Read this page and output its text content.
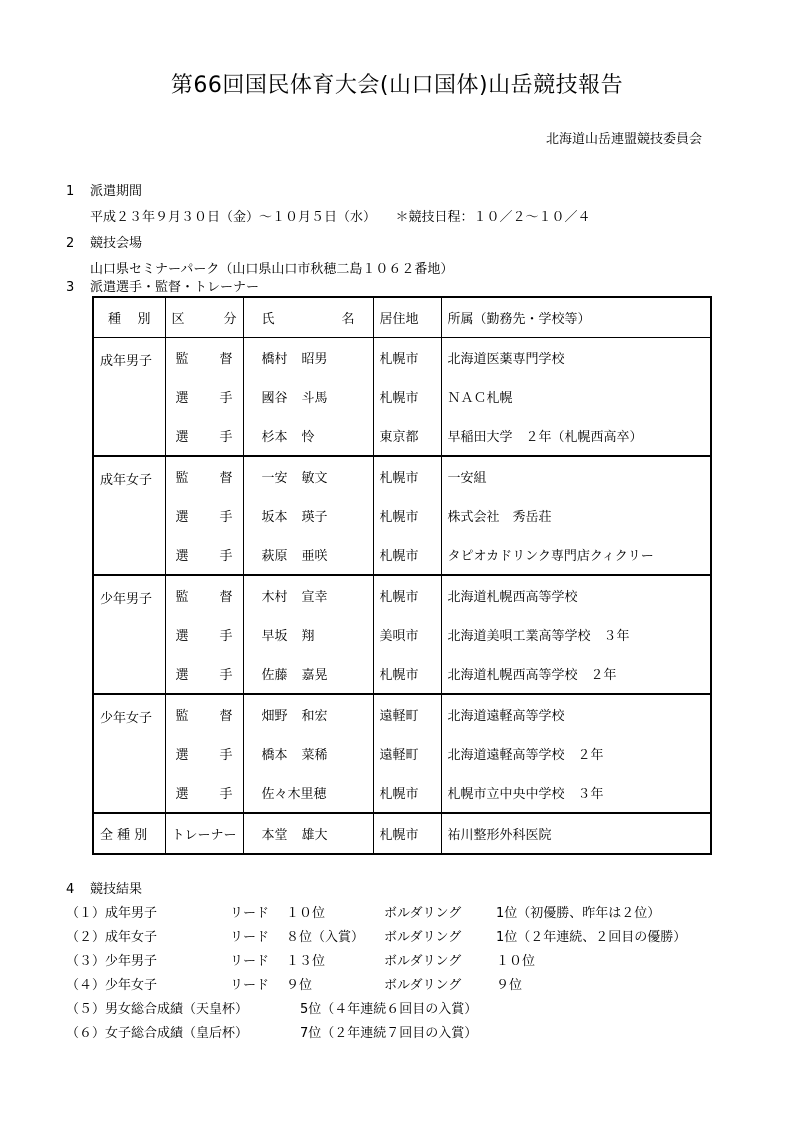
第66回国民体育大会(山口国体)山岳競技報告
北海道山岳連盟競技委員会
1 派遣期間
平成２３年９月３０日（金）～１０月５日（水）　　＊競技日程：１０／２～１０／４
2 競技会場
山口県セミナーパーク（山口県山口市秋穂二島１０６２番地）
3 派遣選手・監督・トレーナー
種 別	区 分	氏 名	居住地	所属（勤務先・学校等）
成年男子	監 督	橋村 昭男	札幌市	北海道医薬専門学校

	選 手	國谷 斗馬	札幌市	ＮＡＣ札幌

	選 手	杉本 怜	東京都	早稲田大学　２年（札幌西高卒）
成年女子	監 督	一安 敏文	札幌市	一安組

	選 手	坂本 瑛子	札幌市	株式会社　秀岳荘

	選 手	萩原 亜咲	札幌市	タピオカドリンク専門店クィクリー
少年男子	監 督	木村 宣幸	札幌市	北海道札幌西高等学校

	選 手	早坂 翔	美唄市	北海道美唄工業高等学校　３年

	選 手	佐藤 嘉晃	札幌市	北海道札幌西高等学校　２年
少年女子	監 督	畑野 和宏	遠軽町	北海道遠軽高等学校

	選 手	橋本 菜稀	遠軽町	北海道遠軽高等学校　２年

	選 手	佐々木里穂	札幌市	札幌市立中央中学校　３年
全 種 別	トレーナー	本堂 雄大	札幌市	祐川整形外科医院
4 競技結果
（１）成年男子	リード １０位	ボルダリング	1位（初優勝、昨年は２位）
（２）成年女子	リード ８位（入賞） ボルダリング	1位（２年連続、２回目の優勝）
（３）少年男子	リード １３位	ボルダリング	１０位
（４）少年女子	リード ９位	ボルダリング	９位
（５）男女総合成績（天皇杯）	5位（４年連続６回目の入賞）
（６）女子総合成績（皇后杯）	7位（２年連続７回目の入賞）
